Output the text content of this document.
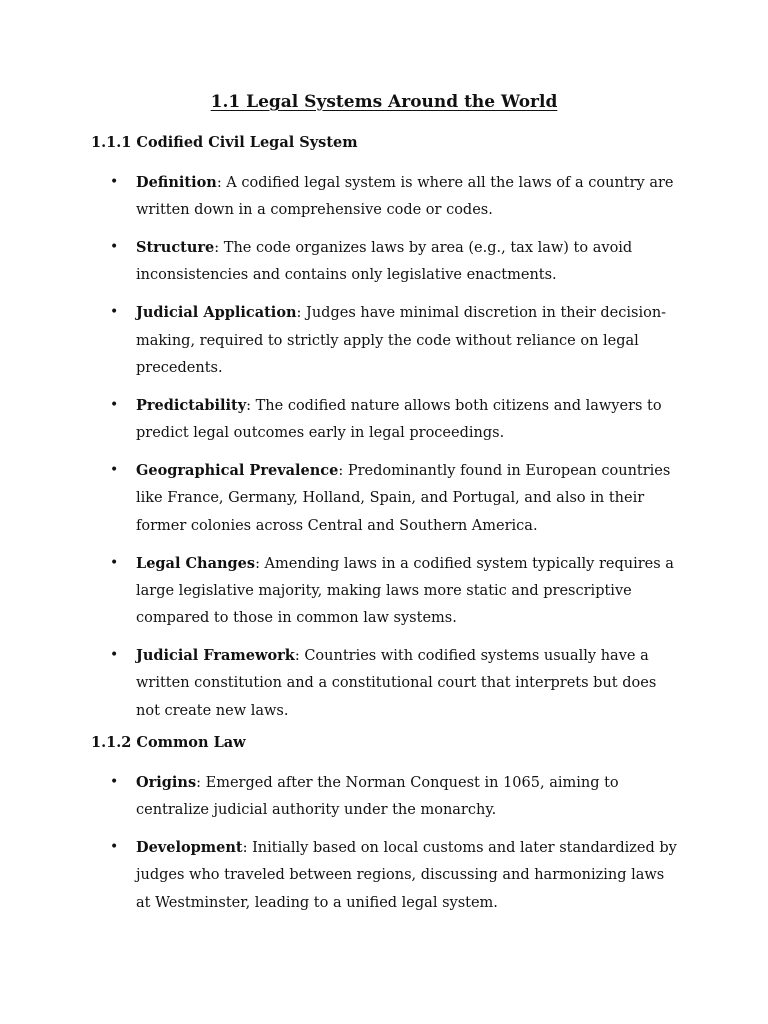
1.1 Legal Systems Around the World
1.1.1 Codified Civil Legal System
• Definition: A codified legal system is where all the laws of a country are written down in a comprehensive code or codes.
• Structure: The code organizes laws by area (e.g., tax law) to avoid inconsistencies and contains only legislative enactments.
• Judicial Application: Judges have minimal discretion in their decision-making, required to strictly apply the code without reliance on legal precedents.
• Predictability: The codified nature allows both citizens and lawyers to predict legal outcomes early in legal proceedings.
• Geographical Prevalence: Predominantly found in European countries like France, Germany, Holland, Spain, and Portugal, and also in their former colonies across Central and Southern America.
• Legal Changes: Amending laws in a codified system typically requires a large legislative majority, making laws more static and prescriptive compared to those in common law systems.
• Judicial Framework: Countries with codified systems usually have a written constitution and a constitutional court that interprets but does not create new laws.
1.1.2 Common Law
• Origins: Emerged after the Norman Conquest in 1065, aiming to centralize judicial authority under the monarchy.
• Development: Initially based on local customs and later standardized by judges who traveled between regions, discussing and harmonizing laws at Westminster, leading to a unified legal system.
